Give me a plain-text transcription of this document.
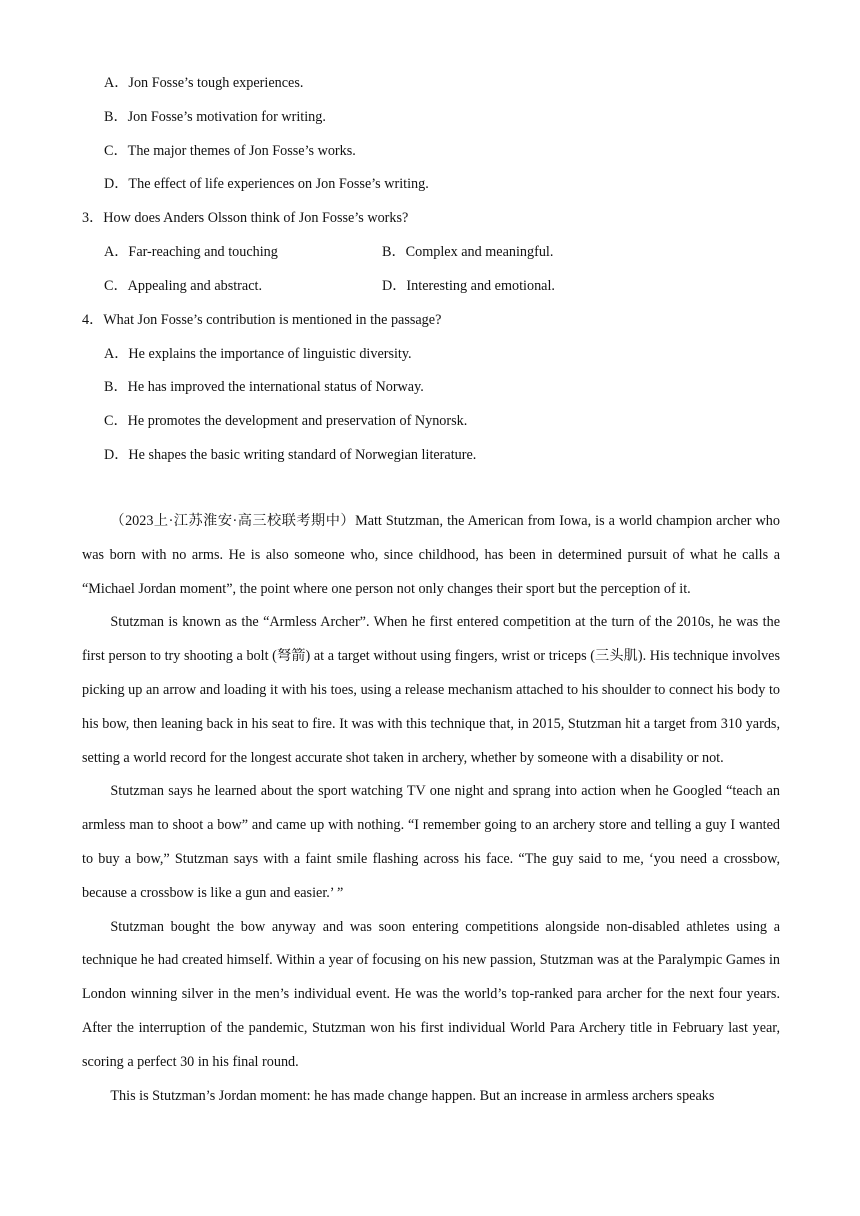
A．Jon Fosse’s tough experiences.
B．Jon Fosse’s motivation for writing.
C．The major themes of Jon Fosse’s works.
D．The effect of life experiences on Jon Fosse’s writing.
3．How does Anders Olsson think of Jon Fosse’s works?
A．Far-reaching and touching	B．Complex and meaningful.
C．Appealing and abstract.	D．Interesting and emotional.
4．What Jon Fosse’s contribution is mentioned in the passage?
A．He explains the importance of linguistic diversity.
B．He has improved the international status of Norway.
C．He promotes the development and preservation of Nynorsk.
D．He shapes the basic writing standard of Norwegian literature.

（2023上·江苏淮安·高三校联考期中）Matt Stutzman, the American from Iowa, is a world champion archer who was born with no arms. He is also someone who, since childhood, has been in determined pursuit of what he calls a “Michael Jordan moment”, the point where one person not only changes their sport but the perception of it.

Stutzman is known as the “Armless Archer”. When he first entered competition at the turn of the 2010s, he was the first person to try shooting a bolt (弩箭) at a target without using fingers, wrist or triceps (三头肌). His technique involves picking up an arrow and loading it with his toes, using a release mechanism attached to his shoulder to connect his body to his bow, then leaning back in his seat to fire. It was with this technique that, in 2015, Stutzman hit a target from 310 yards, setting a world record for the longest accurate shot taken in archery, whether by someone with a disability or not.

Stutzman says he learned about the sport watching TV one night and sprang into action when he Googled “teach an armless man to shoot a bow” and came up with nothing. “I remember going to an archery store and telling a guy I wanted to buy a bow,” Stutzman says with a faint smile flashing across his face. “The guy said to me, ‘you need a crossbow, because a crossbow is like a gun and easier.’ ”

Stutzman bought the bow anyway and was soon entering competitions alongside non-disabled athletes using a technique he had created himself. Within a year of focusing on his new passion, Stutzman was at the Paralympic Games in London winning silver in the men’s individual event. He was the world’s top-ranked para archer for the next four years. After the interruption of the pandemic, Stutzman won his first individual World Para Archery title in February last year, scoring a perfect 30 in his final round.

This is Stutzman’s Jordan moment: he has made change happen. But an increase in armless archers speaks
